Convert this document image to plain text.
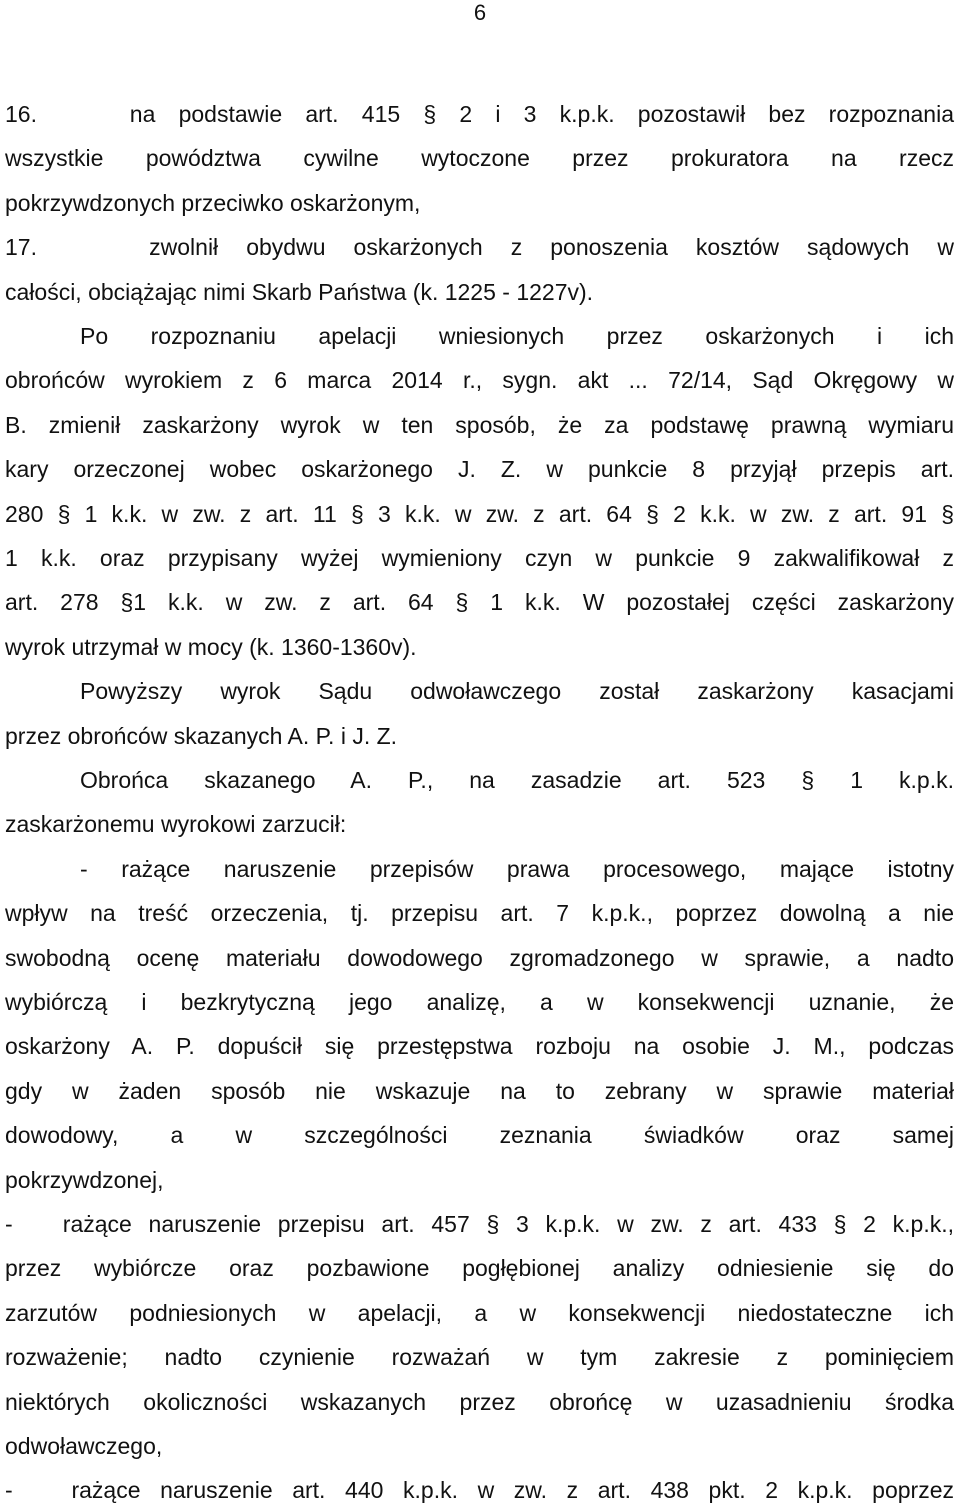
6
16.    na podstawie art. 415 § 2 i 3 k.p.k. pozostawił bez rozpoznania
wszystkie powództwa cywilne wytoczone przez prokuratora na rzecz
pokrzywdzonych przeciwko oskarżonym,
17.    zwolnił obydwu oskarżonych z ponoszenia kosztów sądowych w
całości, obciążając nimi Skarb Państwa (k. 1225 - 1227v).
Po rozpoznaniu apelacji wniesionych przez oskarżonych i ich
obrońców wyrokiem z 6 marca 2014 r., sygn. akt ... 72/14, Sąd Okręgowy w
B. zmienił zaskarżony wyrok w ten sposób, że za podstawę prawną wymiaru
kary orzeczonej wobec oskarżonego J. Z. w punkcie 8 przyjął przepis art.
280 § 1 k.k. w zw. z art. 11 § 3 k.k. w zw. z art. 64 § 2 k.k. w zw. z art. 91 §
1 k.k. oraz przypisany wyżej wymieniony czyn w punkcie 9 zakwalifikował z
art. 278 §1 k.k. w zw. z art. 64 § 1 k.k. W pozostałej części zaskarżony
wyrok utrzymał w mocy (k. 1360-1360v).
Powyższy wyrok Sądu odwoławczego został zaskarżony kasacjami
przez obrońców skazanych A. P. i J. Z.
Obrońca skazanego A. P., na zasadzie art. 523 § 1 k.p.k.
zaskarżonemu wyrokowi zarzucił:
- rażące naruszenie przepisów prawa procesowego, mające istotny
wpływ na treść orzeczenia, tj. przepisu art. 7 k.p.k., poprzez dowolną a nie
swobodną ocenę materiału dowodowego zgromadzonego w sprawie, a nadto
wybiórczą i bezkrytyczną jego analizę, a w konsekwencji uznanie, że
oskarżony A. P. dopuścił się przestępstwa rozboju na osobie J. M., podczas
gdy w żaden sposób nie wskazuje na to zebrany w sprawie materiał
dowodowy, a w szczególności zeznania świadków oraz samej
pokrzywdzonej,
-   rażące naruszenie przepisu art. 457 § 3 k.p.k. w zw. z art. 433 § 2 k.p.k.,
przez wybiórcze oraz pozbawione pogłębionej analizy odniesienie się do
zarzutów podniesionych w apelacji, a w konsekwencji niedostateczne ich
rozważenie; nadto czynienie rozważań w tym zakresie z pominięciem
niektórych okoliczności wskazanych przez obrońcę w uzasadnieniu środka
odwoławczego,
-   rażące naruszenie art. 440 k.p.k. w zw. z art. 438 pkt. 2 k.p.k. poprzez
